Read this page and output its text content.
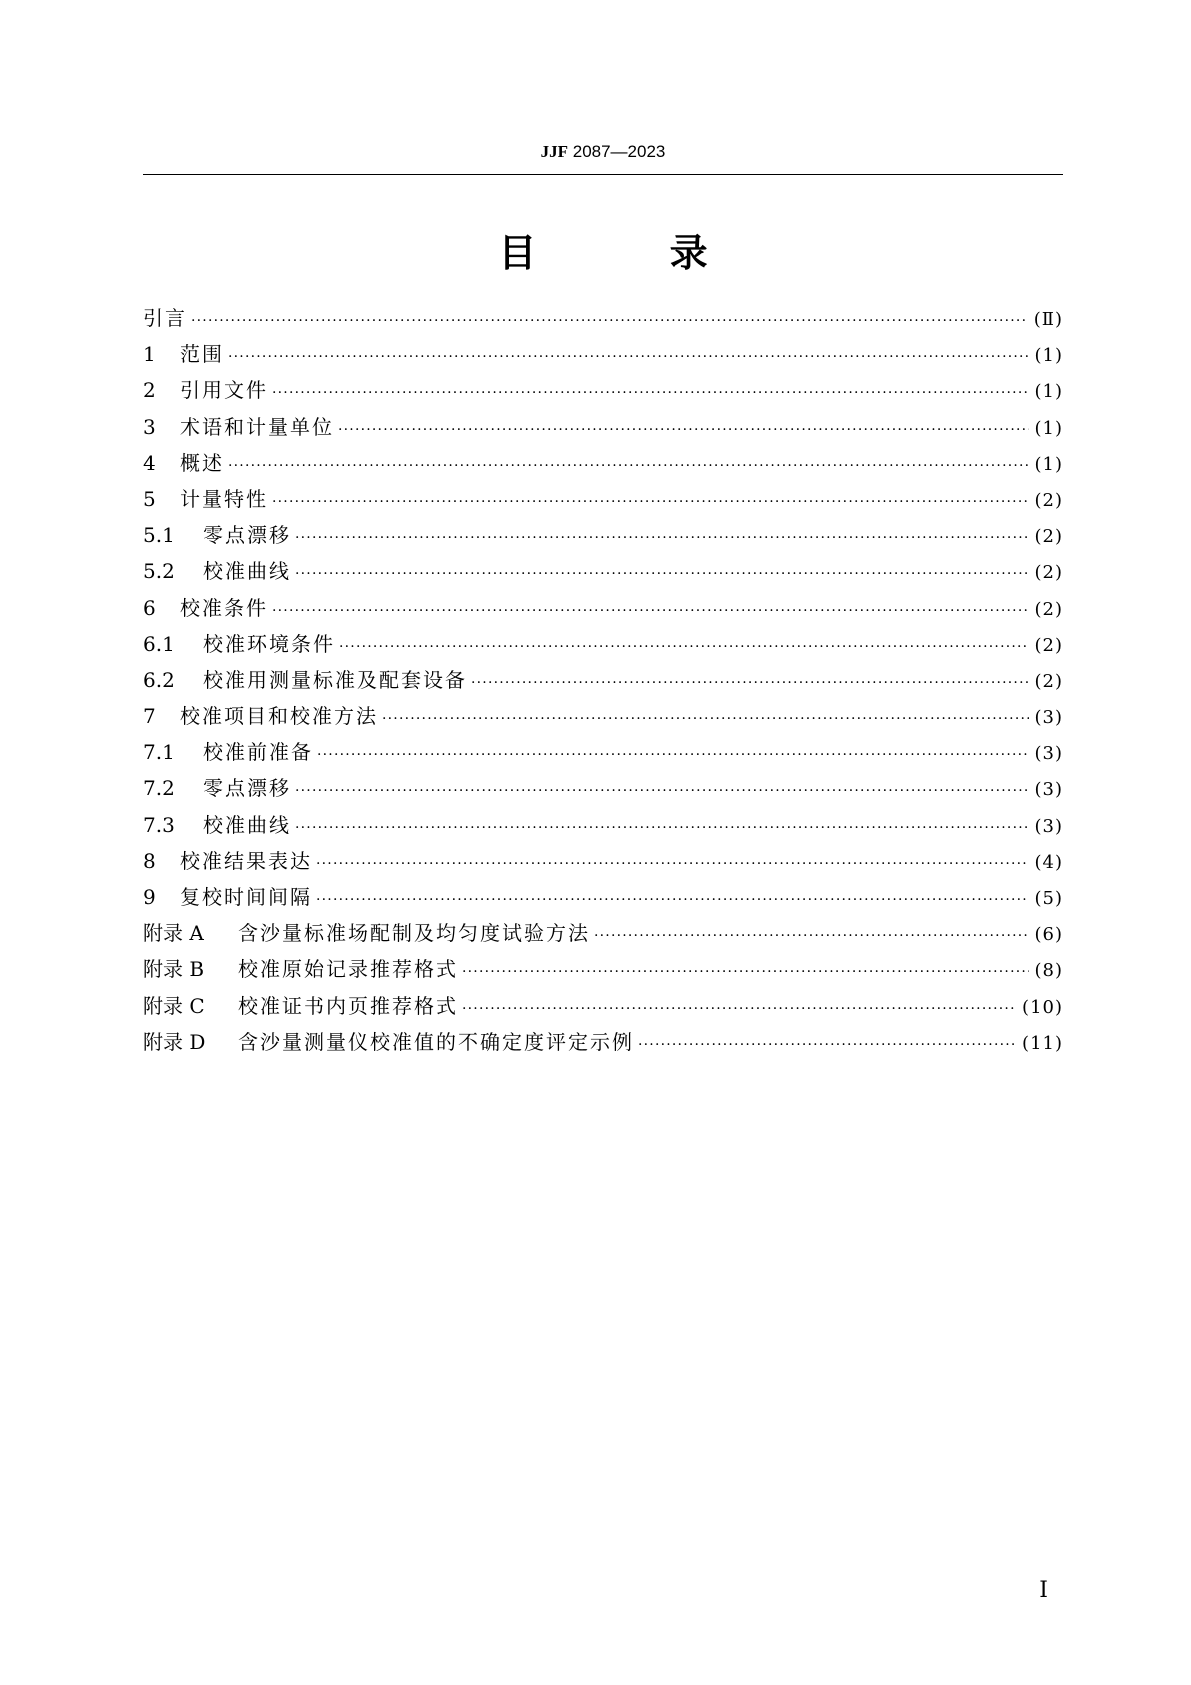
JJF 2087—2023
目 录
引言 ·····	(Ⅱ)
1	范围 ·····	(1)
2	引用文件 ·····	(1)
3	术语和计量单位 ·····	(1)
4	概述 ·····	(1)
5	计量特性 ·····	(2)
5.1	零点漂移 ·····	(2)
5.2	校准曲线 ·····	(2)
6	校准条件 ·····	(2)
6.1	校准环境条件 ·····	(2)
6.2	校准用测量标准及配套设备 ·····	(2)
7	校准项目和校准方法 ·····	(3)
7.1	校准前准备 ·····	(3)
7.2	零点漂移 ·····	(3)
7.3	校准曲线 ·····	(3)
8	校准结果表达 ·····	(4)
9	复校时间间隔 ·····	(5)
附录 A	含沙量标准场配制及均匀度试验方法 ·····	(6)
附录 B	校准原始记录推荐格式 ·····	(8)
附录 C	校准证书内页推荐格式 ·····	(10)
附录 D	含沙量测量仪校准值的不确定度评定示例 ·····	(11)
Ⅰ
